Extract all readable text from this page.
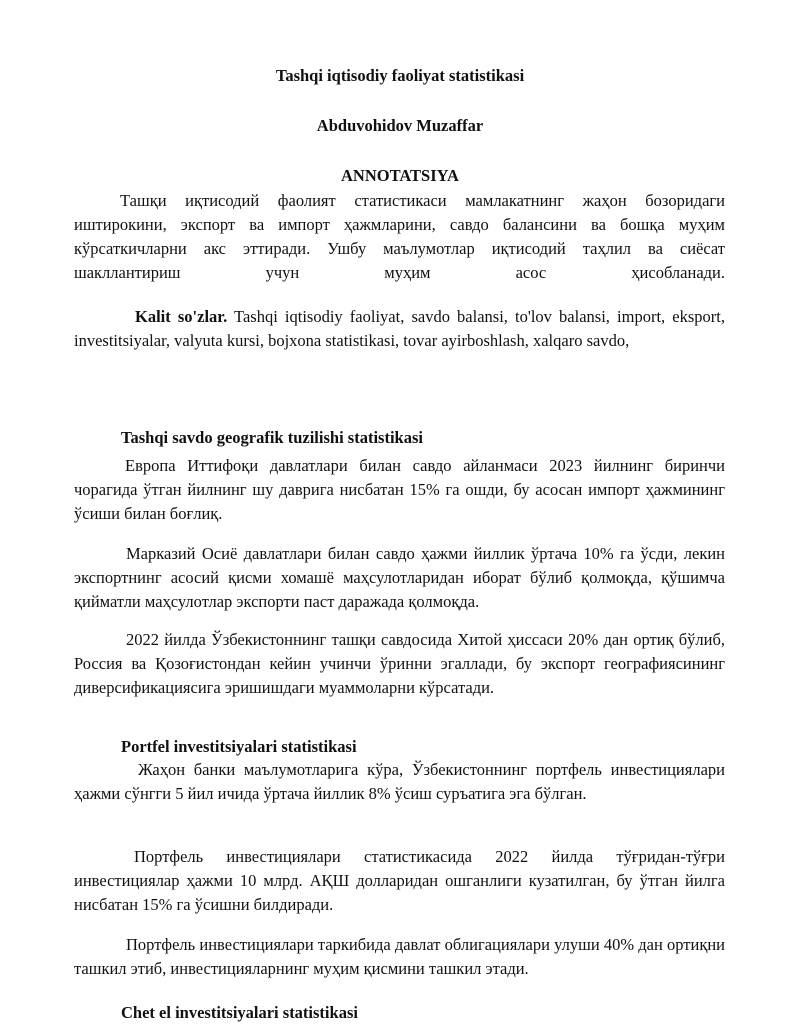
Tashqi iqtisodiy faoliyat statistikasi

Abduvohidov Muzaffar

ANNOTATSIYA

Ташқи иқтисодий фаолият статистикаси мамлакатнинг жаҳон бозоридаги иштирокини, экспорт ва импорт ҳажмларини, савдо балансини ва бошқа муҳим кўрсаткичларни акс эттиради. Ушбу маълумотлар иқтисодий таҳлил ва сиёсат шакллантириш учун муҳим асос ҳисобланади.

Kalit so'zlar. Tashqi iqtisodiy faoliyat, savdo balansi, to'lov balansi, import, eksport, investitsiyalar, valyuta kursi, bojxona statistikasi, tovar ayirboshlash, xalqaro savdo,

Tashqi savdo geografik tuzilishi statistikasi

Европа Иттифоқи давлатлари билан савдо айланмаси 2023 йилнинг биринчи чорагида ўтган йилнинг шу даврига нисбатан 15% га ошди, бу асосан импорт ҳажмининг ўсиши билан боғлиқ.

Марказий Осиё давлатлари билан савдо ҳажми йиллик ўртача 10% га ўсди, лекин экспортнинг асосий қисми хомашё маҳсулотларидан иборат бўлиб қолмоқда, қўшимча қийматли маҳсулотлар экспорти паст даражада қолмоқда.

2022 йилда Ўзбекистоннинг ташқи савдосида Хитой ҳиссаси 20% дан ортиқ бўлиб, Россия ва Қозоғистондан кейин учинчи ўринни эгаллади, бу экспорт географиясининг диверсификациясига эришишдаги муаммоларни кўрсатади.

Portfel investitsiyalari statistikasi

Жаҳон банки маълумотларига кўра, Ўзбекистоннинг портфель инвестициялари ҳажми сўнгги 5 йил ичида ўртача йиллик 8% ўсиш суръатига эга бўлган.

Портфель инвестициялари статистикасида 2022 йилда тўғридан-тўғри инвестициялар ҳажми 10 млрд. АҚШ долларидан ошганлиги кузатилган, бу ўтган йилга нисбатан 15% га ўсишни билдиради.

Портфель инвестициялари таркибида давлат облигациялари улуши 40% дан ортиқни ташкил этиб, инвестицияларнинг муҳим қисмини ташкил этади.

Chet el investitsiyalari statistikasi
